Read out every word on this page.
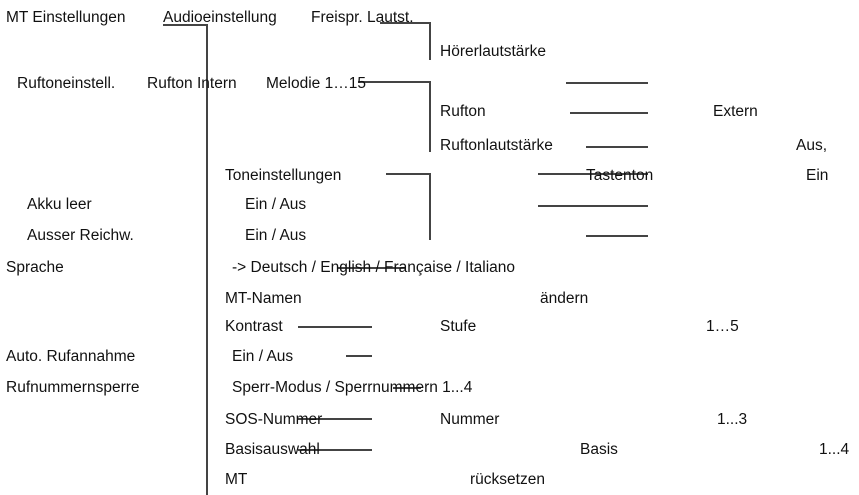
MT Einstellungen Audioeinstellung Freispr. Lautst.
Hörerlautstärke
Ruftoneinstell. Rufton Intern Melodie 1…15
Rufton	Extern
Ruftonlautstärke	Aus,
Toneinstellungen	Tastenton	Ein
Akku leer	Ein / Aus
Ausser Reichw.	Ein / Aus
Sprache	-> Deutsch / English / Française / Italiano
MT-Namen	ändern
Kontrast	Stufe	1…5
Auto. Rufannahme	Ein / Aus
Rufnummernsperre	Sperr-Modus / Sperrnummern 1...4
SOS-Nummer	Nummer	1...3
Basisauswahl	Basis	1...4
MT	rücksetzen
